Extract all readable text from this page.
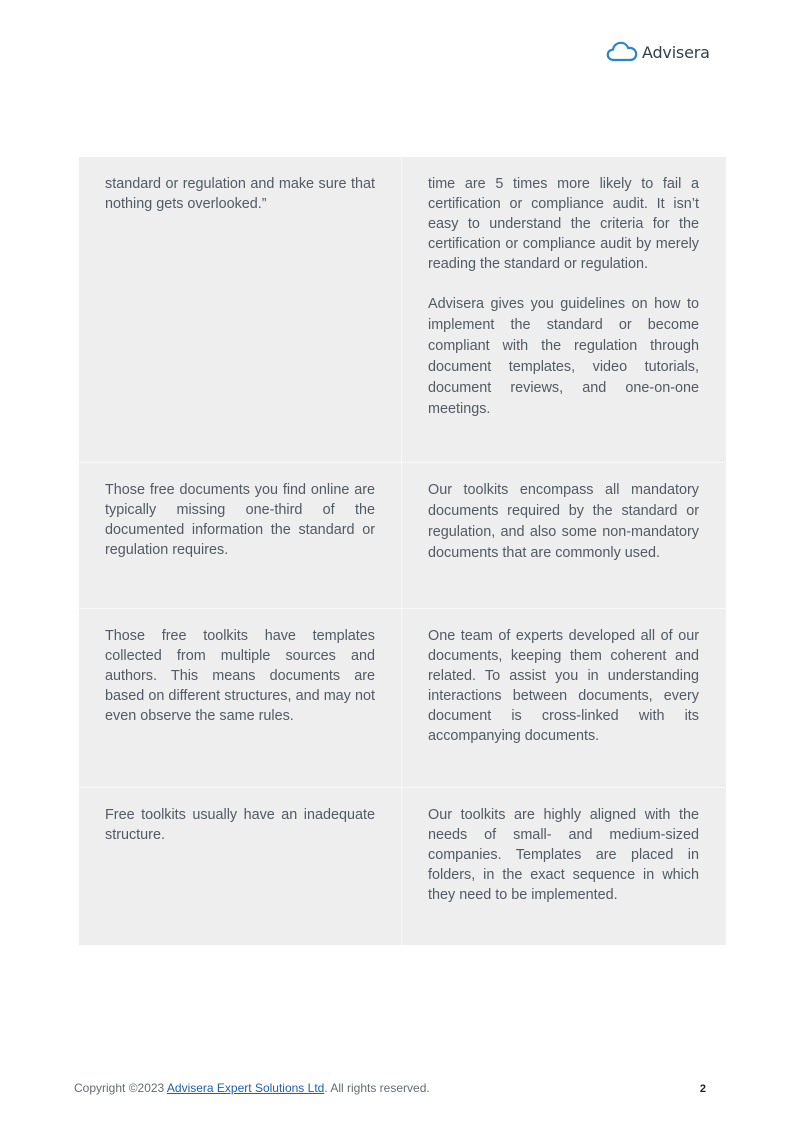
Advisera

standard or regulation and make sure that nothing gets overlooked.”

time are 5 times more likely to fail a certification or compliance audit. It isn’t easy to understand the criteria for the certification or compliance audit by merely reading the standard or regulation.

Advisera gives you guidelines on how to implement the standard or become compliant with the regulation through document templates, video tutorials, document reviews, and one-on-one meetings.

Those free documents you find online are typically missing one-third of the documented information the standard or regulation requires.

Our toolkits encompass all mandatory documents required by the standard or regulation, and also some non-mandatory documents that are commonly used.

Those free toolkits have templates collected from multiple sources and authors. This means documents are based on different structures, and may not even observe the same rules.

One team of experts developed all of our documents, keeping them coherent and related. To assist you in understanding interactions between documents, every document is cross-linked with its accompanying documents.

Free toolkits usually have an inadequate structure.

Our toolkits are highly aligned with the needs of small- and medium-sized companies. Templates are placed in folders, in the exact sequence in which they need to be implemented.

Copyright ©2023 Advisera Expert Solutions Ltd. All rights reserved.	2
